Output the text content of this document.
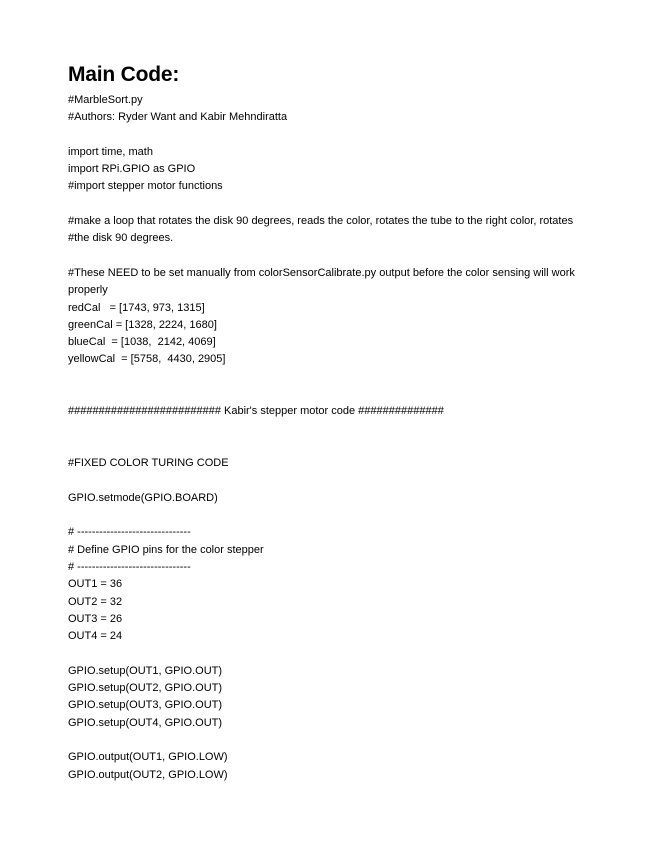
Main Code:

#MarbleSort.py

#Authors: Ryder Want and Kabir Mehndiratta

import time, math

import RPi.GPIO as GPIO

#import stepper motor functions

#make a loop that rotates the disk 90 degrees, reads the color, rotates the tube to the right color, rotates

#the disk 90 degrees.

#These NEED to be set manually from colorSensorCalibrate.py output before the color sensing will work

properly

redCal   = [1743, 973, 1315]

greenCal = [1328, 2224, 1680]

blueCal  = [1038,  2142, 4069]

yellowCal  = [5758,  4430, 2905]

######################### Kabir's stepper motor code ##############

#FIXED COLOR TURING CODE

GPIO.setmode(GPIO.BOARD)

# -------------------------------

# Define GPIO pins for the color stepper

# -------------------------------

OUT1 = 36

OUT2 = 32

OUT3 = 26

OUT4 = 24

GPIO.setup(OUT1, GPIO.OUT)

GPIO.setup(OUT2, GPIO.OUT)

GPIO.setup(OUT3, GPIO.OUT)

GPIO.setup(OUT4, GPIO.OUT)

GPIO.output(OUT1, GPIO.LOW)

GPIO.output(OUT2, GPIO.LOW)
